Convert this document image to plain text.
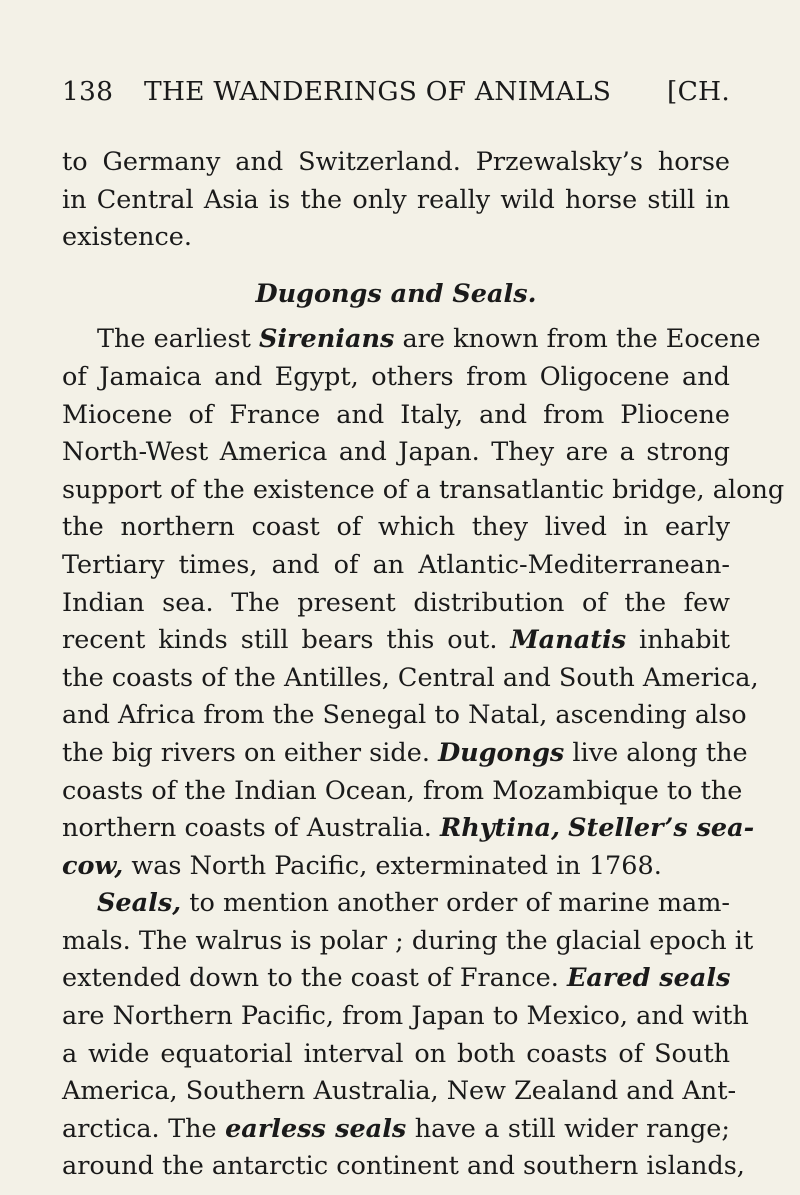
138 THE WANDERINGS OF ANIMALS [CH.

to Germany and Switzerland. Przewalsky’s horse
in Central Asia is the only really wild horse still in
existence.

Dugongs and Seals.

The earliest Sirenians are known from the Eocene
of Jamaica and Egypt, others from Oligocene and
Miocene of France and Italy, and from Pliocene
North-West America and Japan. They are a strong
support of the existence of a transatlantic bridge, along
the northern coast of which they lived in early
Tertiary times, and of an Atlantic-Mediterranean-
Indian sea. The present distribution of the few
recent kinds still bears this out. Manatis inhabit
the coasts of the Antilles, Central and South America,
and Africa from the Senegal to Natal, ascending also
the big rivers on either side. Dugongs live along the
coasts of the Indian Ocean, from Mozambique to the
northern coasts of Australia. Rhytina, Steller’s sea-
cow, was North Pacific, exterminated in 1768.

Seals, to mention another order of marine mam-
mals. The walrus is polar ; during the glacial epoch it
extended down to the coast of France. Eared seals
are Northern Pacific, from Japan to Mexico, and with
a wide equatorial interval on both coasts of South
America, Southern Australia, New Zealand and Ant-
arctica. The earless seals have a still wider range;
around the antarctic continent and southern islands,
